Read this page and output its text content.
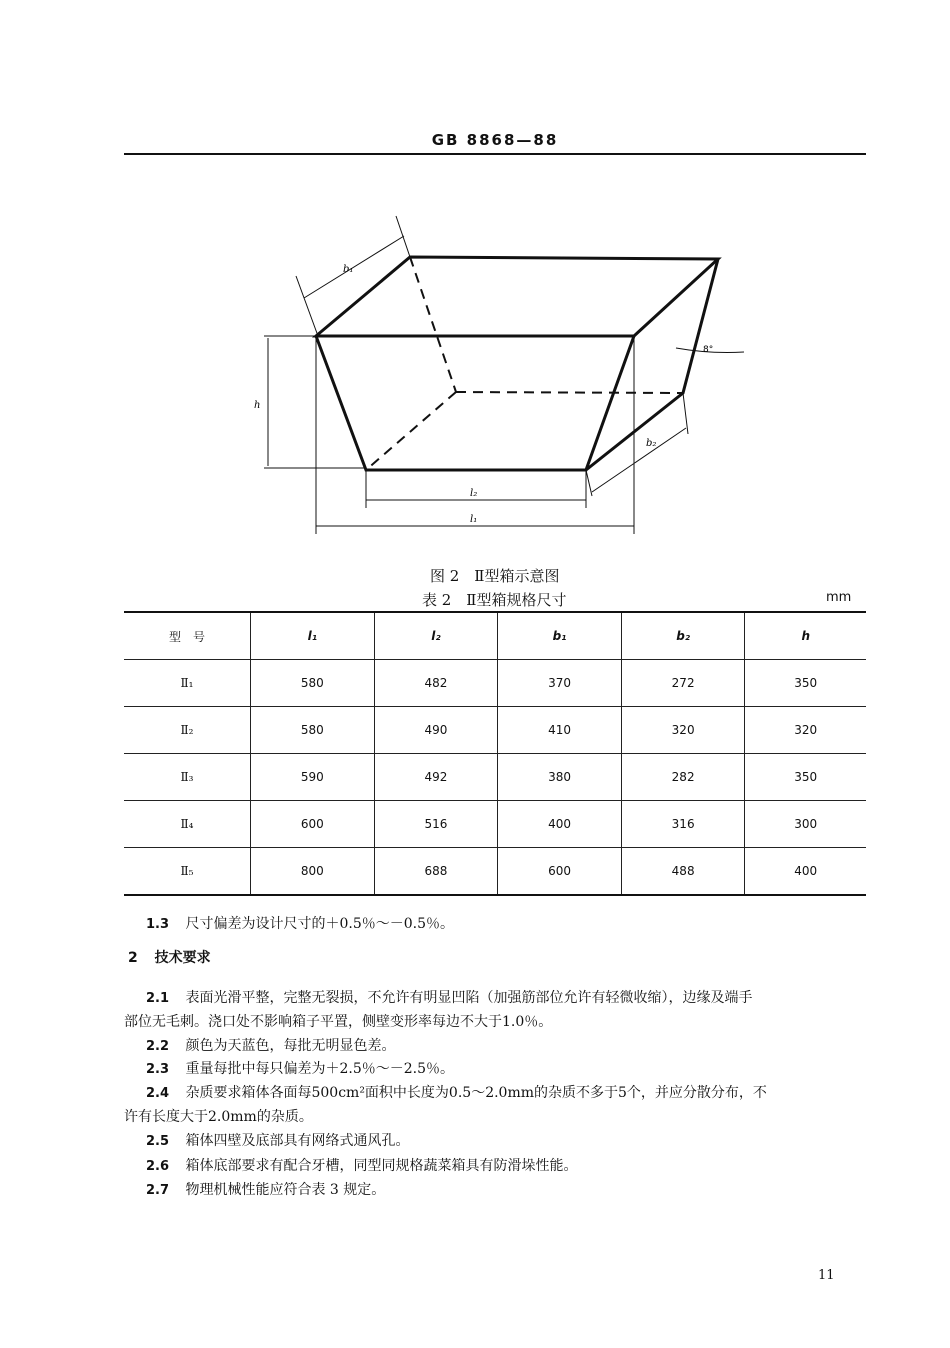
GB 8868—88
b₁
h
l₂
l₁
b₂
8°
图 2　Ⅱ型箱示意图
表 2　Ⅱ型箱规格尺寸	mm
型　号	l₁	l₂	b₁	b₂	h
Ⅱ₁	580	482	370	272	350
Ⅱ₂	580	490	410	320	320
Ⅱ₃	590	492	380	282	350
Ⅱ₄	600	516	400	316	300
Ⅱ₅	800	688	600	488	400
1.3 尺寸偏差为设计尺寸的＋0.5％～－0.5％。
2 技术要求
2.1 表面光滑平整，完整无裂损，不允许有明显凹陷（加强筋部位允许有轻微收缩），边缘及端手
部位无毛刺。浇口处不影响箱子平置，侧壁变形率每边不大于1.0％。
2.2 颜色为天蓝色，每批无明显色差。
2.3 重量每批中每只偏差为＋2.5％～－2.5％。
2.4 杂质要求箱体各面每500cm²面积中长度为0.5～2.0mm的杂质不多于5个，并应分散分布，不
许有长度大于2.0mm的杂质。
2.5 箱体四壁及底部具有网络式通风孔。
2.6 箱体底部要求有配合牙槽，同型同规格蔬菜箱具有防滑垛性能。
2.7 物理机械性能应符合表 3 规定。
11
